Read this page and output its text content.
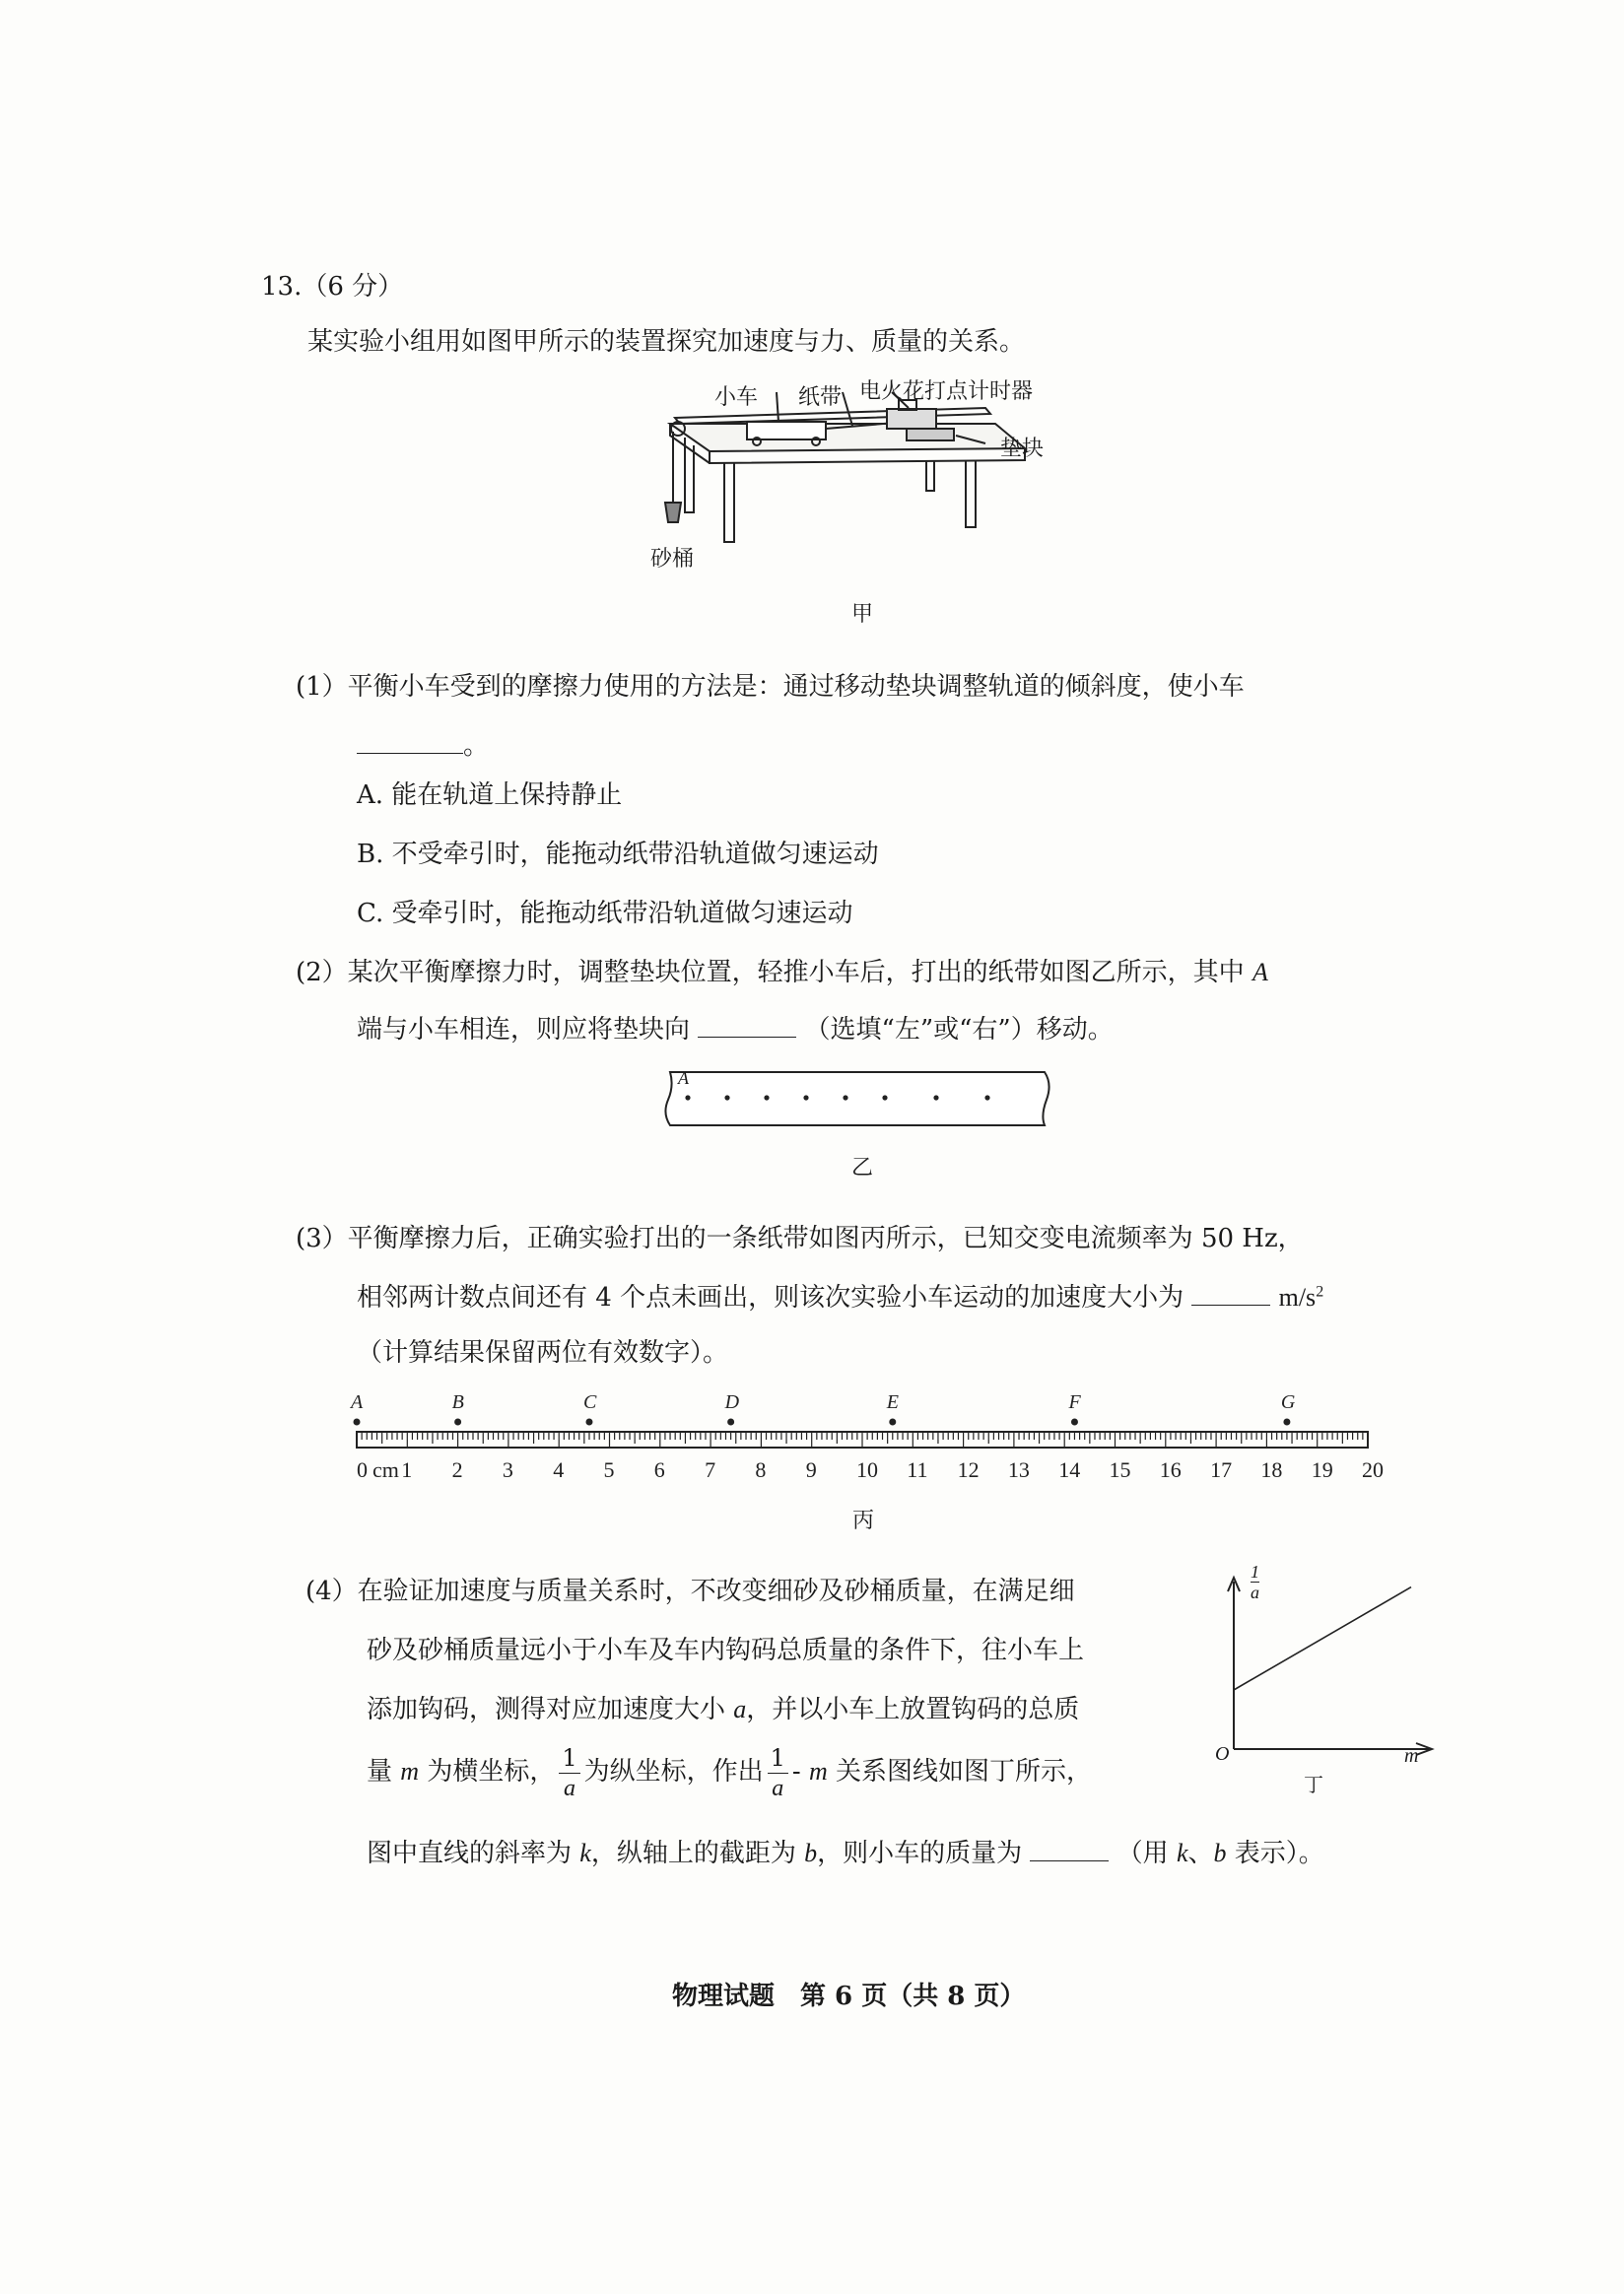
13.（6 分）
某实验小组用如图甲所示的装置探究加速度与力、质量的关系。
小车 纸带 电火花打点计时器
垫块
砂桶
甲
(1）平衡小车受到的摩擦力使用的方法是：通过移动垫块调整轨道的倾斜度，使小车
。
A. 能在轨道上保持静止
B. 不受牵引时，能拖动纸带沿轨道做匀速运动
C. 受牵引时，能拖动纸带沿轨道做匀速运动
(2）某次平衡摩擦力时，调整垫块位置，轻推小车后，打出的纸带如图乙所示，其中 A
端与小车相连，则应将垫块向	（选填“左”或“右”）移动。
A
乙
(3）平衡摩擦力后，正确实验打出的一条纸带如图丙所示，已知交变电流频率为 50 Hz，
相邻两计数点间还有 4 个点未画出，则该次实验小车运动的加速度大小为	$m/s^2$
（计算结果保留两位有效数字）。
0 1 2 3 4 5 6 7 8 9 10 11 12 13 14 15 16 17 18 19 20
cm
A	B	C	D	E	F	G
丙
(4）在验证加速度与质量关系时，不改变细砂及砂桶质量，在满足细
砂及砂桶质量远小于小车及车内钩码总质量的条件下，往小车上
添加钩码，测得对应加速度大小 a，并以小车上放置钩码的总质
量 m 为横坐标， $\frac{1}{a}$ 为纵坐标，作出 $\frac{1}{a}$ - m 关系图线如图丁所示，
图中直线的斜率为 k，纵轴上的截距为 b，则小车的质量为	（用 k、b 表示）。
$\frac{1}{a}$
O	m
丁
物理试题　第 6 页（共 8 页）
